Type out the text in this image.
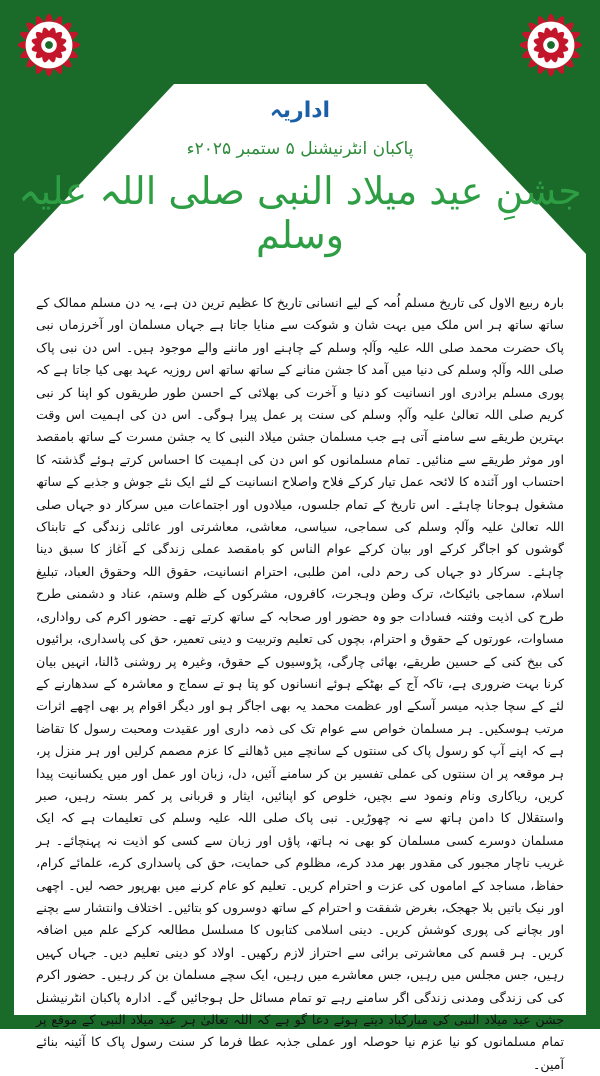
اداریہ
پاکبان انٹرنیشنل ۵ ستمبر ۲۰۲۵ء
جشنِ عید میلاد النبی صلی اللہ علیہ وسلم

بارہ ربیع الاول کی تاریخ مسلم اُمہ کے لیے انسانی تاریخ کا عظیم ترین دن ہے، یہ دن مسلم ممالک کے ساتھ ساتھ ہر اس ملک میں بہت شان و شوکت سے منایا جاتا ہے جہاں مسلمان اور آخرزماں نبی پاک حضرت محمد صلی اللہ علیہ وآلہٖ وسلم کے چاہنے اور ماننے والے موجود ہیں۔ اس دن نبی پاک صلی اللہ وآلہٖ وسلم کی دنیا میں آمد کا جشن منانے کے ساتھ ساتھ اس روزیہ عہد بھی کیا جاتا ہے کہ پوری مسلم برادری اور انسانیت کو دنیا و آخرت کی بھلائی کے احسن طور طریقوں کو اپنا کر نبی کریم صلی اللہ تعالیٰ علیہ وآلہٖ وسلم کی سنت پر عمل پیرا ہوگی۔ اس دن کی اہمیت اس وقت بہترین طریقے سے سامنے آتی ہے جب مسلمان جشن میلاد النبی کا یہ جشن مسرت کے ساتھ بامقصد اور موثر طریقے سے منائیں۔ تمام مسلمانوں کو اس دن کی اہمیت کا احساس کرتے ہوئے گذشتہ کا احتساب اور آئندہ کا لائحہ عمل تیار کرکے فلاح واصلاح انسانیت کے لئے ایک نئے جوش و جذبے کے ساتھ مشغول ہوجانا چاہئے۔ اس تاریخ کے تمام جلسوں، میلادوں اور اجتماعات میں سرکار دو جہاں صلی اللہ تعالیٰ علیہ وآلہٖ وسلم کی سماجی، سیاسی، معاشی، معاشرتی اور عائلی زندگی کے تابناک گوشوں کو اجاگر کرکے اور بیان کرکے عوام الناس کو بامقصد عملی زندگی کے آغاز کا سبق دینا چاہئے۔ سرکار دو جہاں کی رحم دلی، امن طلبی، احترام انسانیت، حقوق اللہ وحقوق العباد، تبلیغ اسلام، سماجی بائیکاٹ، ترک وطن وہجرت، کافروں، مشرکوں کے ظلم وستم، عناد و دشمنی طرح طرح کی اذیت وفتنہ فسادات جو وہ حضور اور صحابہ کے ساتھ کرتے تھے۔ حضور اکرم کی رواداری، مساوات، عورتوں کے حقوق و احترام، بچوں کی تعلیم وتربیت و دینی تعمیر، حق کی پاسداری، برائیوں کی بیخ کنی کے حسین طریقے، بھائی چارگی، پڑوسیوں کے حقوق، وغیرہ پر روشنی ڈالنا، انہیں بیان کرنا بہت ضروری ہے، تاکہ آج کے بھٹکے ہوئے انسانوں کو پتا ہو تے سماج و معاشرہ کے سدھارنے کے لئے کے سچا جذبہ میسر آسکے اور عظمت محمد یہ بھی اجاگر ہو اور دیگر اقوام پر بھی اچھے اثرات مرتب ہوسکیں۔ ہر مسلمان خواص سے عوام تک کی ذمہ داری اور عقیدت ومحبت رسول کا تقاضا ہے کہ اپنے آپ کو رسول پاک کی سنتوں کے سانچے میں ڈھالنے کا عزم مصمم کرلیں اور ہر منزل پر، ہر موقعہ پر ان سنتوں کی عملی تفسیر بن کر سامنے آئیں، دل، زبان اور عمل اور میں یکسانیت پیدا کریں، ریاکاری ونام ونمود سے بچیں، خلوص کو اپنائیں، ایثار و قربانی پر کمر بستہ رہیں، صبر واستقلال کا دامن ہاتھ سے نہ چھوڑیں۔ نبی پاک صلی اللہ علیہ وسلم کی تعلیمات ہے کہ ایک مسلمان دوسرے کسی مسلمان کو بھی نہ ہاتھ، پاؤں اور زبان سے کسی کو اذیت نہ پہنچائے۔ ہر غریب ناچار مجبور کی مقدور بھر مدد کرے، مظلوم کی حمایت، حق کی پاسداری کرے، علمائے کرام، حفاظ، مساجد کے اماموں کی عزت و احترام کریں۔ تعلیم کو عام کرنے میں بھرپور حصہ لیں۔ اچھی اور نیک باتیں بلا جھجک، بغرض شفقت و احترام کے ساتھ دوسروں کو بتائیں۔ اختلاف وانتشار سے بچنے اور بچانے کی پوری کوشش کریں۔ دینی اسلامی کتابوں کا مسلسل مطالعہ کرکے علم میں اضافہ کریں۔ ہر قسم کی معاشرتی برائی سے احتراز لازم رکھیں۔ اولاد کو دینی تعلیم دیں۔ جہاں کہیں رہیں، جس مجلس میں رہیں، جس معاشرے میں رہیں، ایک سچے مسلمان بن کر رہیں۔ حضور اکرم کی کی زندگی ومدنی زندگی اگر سامنے رہے تو تمام مسائل حل ہوجائیں گے۔ ادارہ پاکبان انٹرنیشنل جشن عید میلاد النبی کی مبارکباد دیتے ہوئے دعا گو ہے کہ اللہ تعالیٰ ہر عید میلاد النبی کے موقع پر تمام مسلمانوں کو نیا عزم نیا حوصلہ اور عملی جذبہ عطا فرما کر سنت رسول پاک کا آئینہ بنائے آمین۔
